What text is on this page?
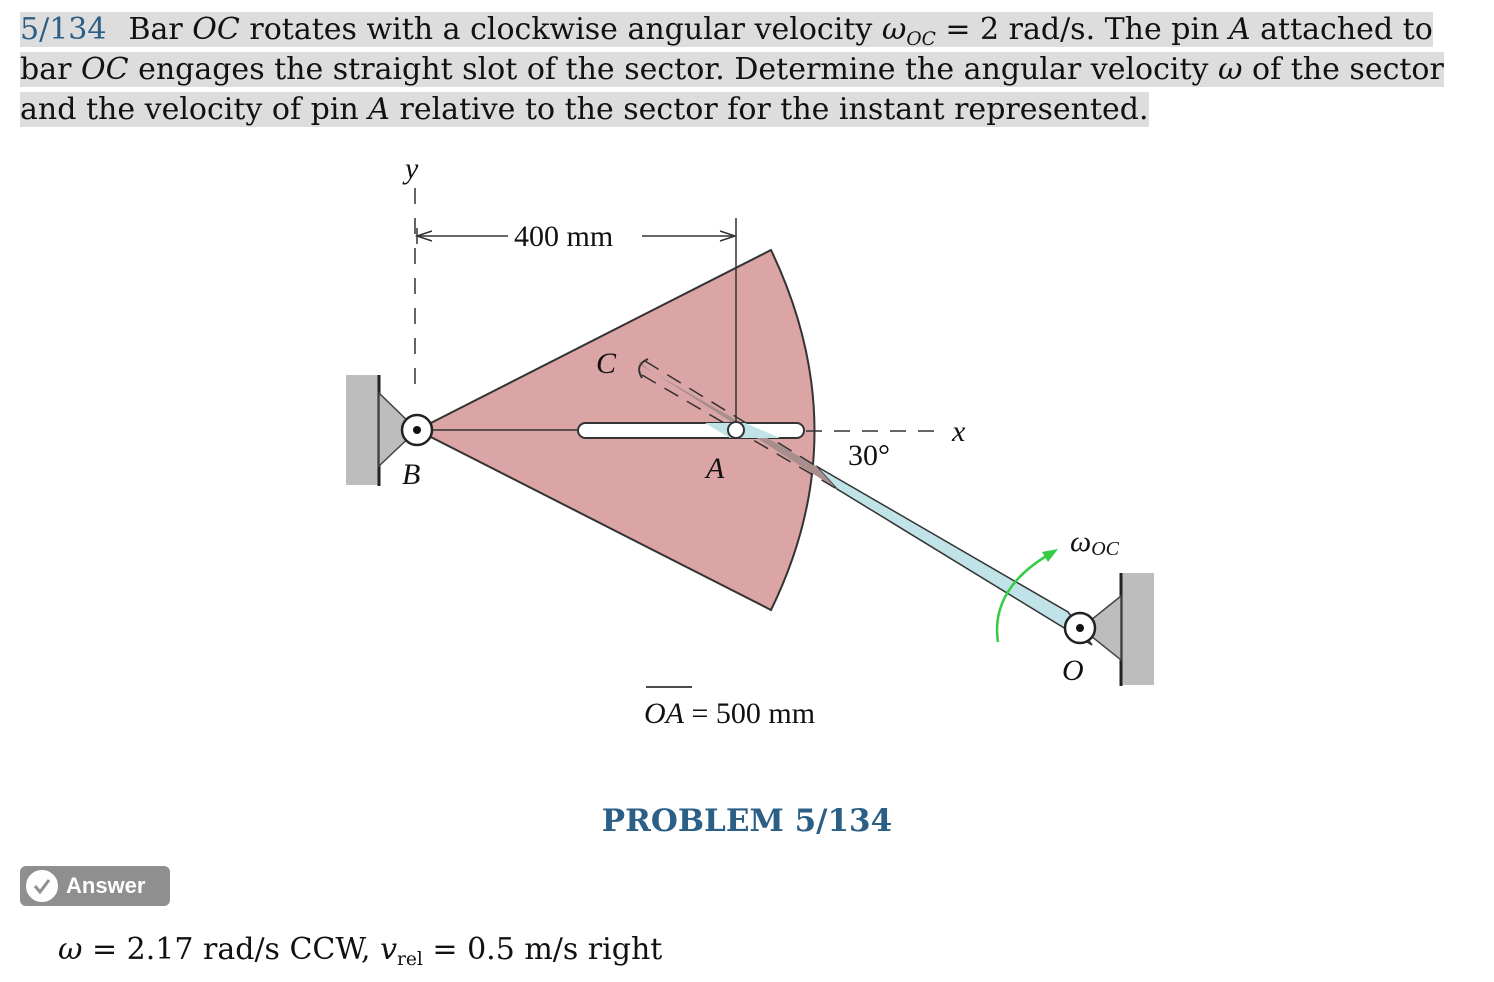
5/134 Bar OC rotates with a clockwise angular velocity $\omega_{OC} = 2$ rad/s. The pin A attached to bar OC engages the straight slot of the sector. Determine the angular velocity ω of the sector and the velocity of pin A relative to the sector for the instant represented.
y
x
B
C
A
O
400 mm
30°
ωOC
OA = 500 mm
PROBLEM 5/134
Answer
ω = 2.17 rad/s CCW, $v_{rel} = 0.5$ m/s right
